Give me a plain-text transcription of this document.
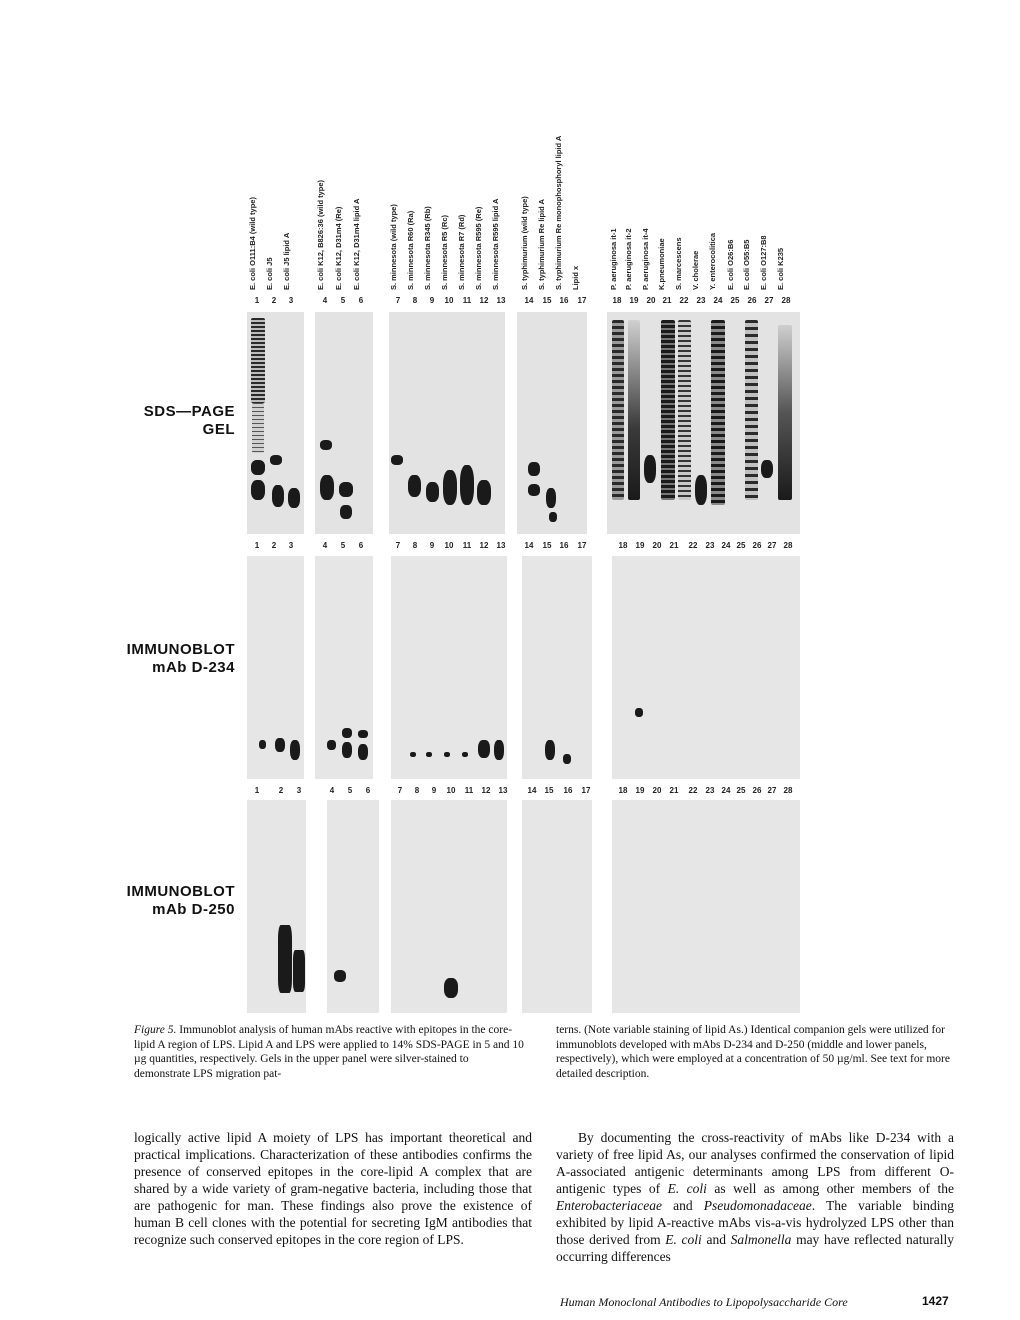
E. coli O111:B4 (wild type) E. coli J5 E. coli J5 lipid A	E. coli K12, B826:36 (wild type) E. coli K12, D31m4 (Re) E. coli K12, D31m4 lipid A	S. minnesota (wild type) S. minnesota R60 (Ra) S. minnesota R345 (Rb) S. minnesota R5 (Rc) S. minnesota R7 (Rd) S. minnesota R595 (Re) S. minnesota R595 lipid A	S. typhimurium (wild type) S. typhimurium Re lipid A S. typhimurium Re monophosphoryl lipid A Lipid x	P. aeruginosa it-1 P. aeruginosa it-2 P. aeruginosa it-4 K.pneumoniae S. marcescens V. cholerae Y. enterocolitica E. coli O26:B6 E. coli O55:B5 E. coli O127:B8 E. coli K235
1	2	3	4	5	6	7	8	9	10	11	12	13	14	15	16	17	18	19	20 21	22	23	24	25	26	27	28
1	2	3	4	5	6	7	8	9	10	11	12	13	14	15	16	17	18	19	20	21	22	23 24 25 26 27 28
1	2	3	4	5	6	7	8	9	10	11	12	13	14	15	16	17	18	19	20	21	22	23 24 25 26 27 28
SDS—PAGE GEL
IMMUNOBLOT
mAb D-234
IMMUNOBLOT
mAb D-250
Figure 5. Immunoblot analysis of human mAbs reactive with epitopes in the core-lipid A region of LPS. Lipid A and LPS were applied to 14% SDS-PAGE in 5 and 10 µg quantities, respectively. Gels in the upper panel were silver-stained to demonstrate LPS migration pat-
terns. (Note variable staining of lipid As.) Identical companion gels were utilized for immunoblots developed with mAbs D-234 and D-250 (middle and lower panels, respectively), which were employed at a concentration of 50 µg/ml. See text for more detailed description.
logically active lipid A moiety of LPS has important theoretical and practical implications. Characterization of these antibodies confirms the presence of conserved epitopes in the core-lipid A complex that are shared by a wide variety of gram-negative bacteria, including those that are pathogenic for man. These findings also prove the existence of human B cell clones with the potential for secreting IgM antibodies that recognize such conserved epitopes in the core region of LPS.
By documenting the cross-reactivity of mAbs like D-234 with a variety of free lipid As, our analyses confirmed the conservation of lipid A-associated antigenic determinants among LPS from different O-antigenic types of E. coli as well as among other members of the Enterobacteriaceae and Pseudomonadaceae. The variable binding exhibited by lipid A-reactive mAbs vis-a-vis hydrolyzed LPS other than those derived from E. coli and Salmonella may have reflected naturally occurring differences
Human Monoclonal Antibodies to Lipopolysaccharide Core	1427
